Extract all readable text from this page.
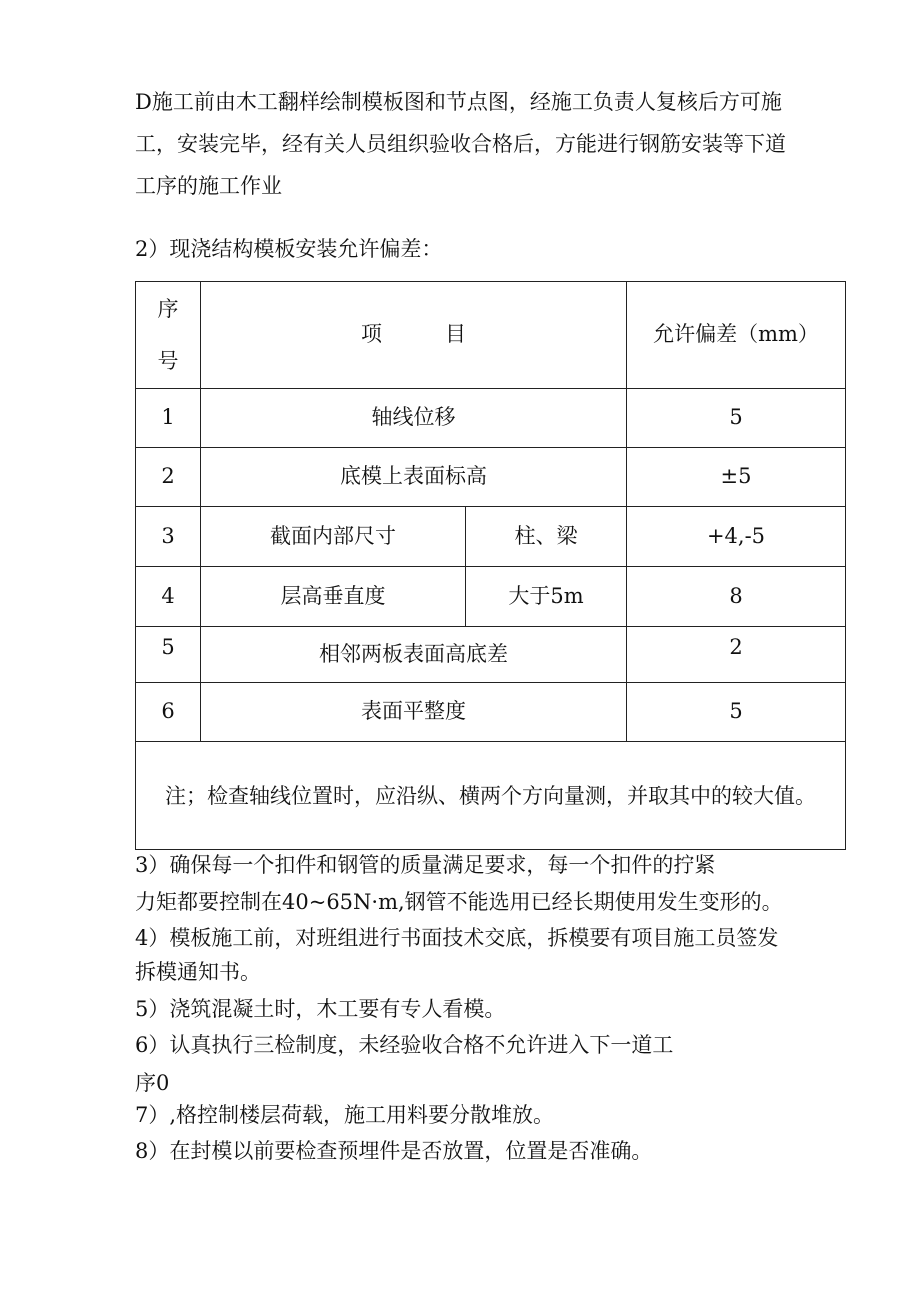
D施工前由木工翻样绘制模板图和节点图，经施工负责人复核后方可施
工，安装完毕，经有关人员组织验收合格后，方能进行钢筋安装等下道
工序的施工作业
2）现浇结构模板安装允许偏差：
序
号	项　　　目		允许偏差（mm）
1	轴线位移		5
2	底模上表面标高		±5
3	截面内部尺寸	柱、梁	+4,-5
4	层高垂直度	大于5m	8
5	相邻两板表面高底差		2
6	表面平整度		5
注；检查轴线位置时，应沿纵、横两个方向量测，并取其中的较大值。			
3）确保每一个扣件和钢管的质量满足要求，每一个扣件的拧紧
力矩都要控制在40~65N·m,钢管不能选用已经长期使用发生变形的。
4）模板施工前，对班组进行书面技术交底，拆模要有项目施工员签发
拆模通知书。
5）浇筑混凝土时，木工要有专人看模。
6）认真执行三检制度，未经验收合格不允许进入下一道工
序0
7）,格控制楼层荷载，施工用料要分散堆放。
8）在封模以前要检查预埋件是否放置，位置是否准确。
